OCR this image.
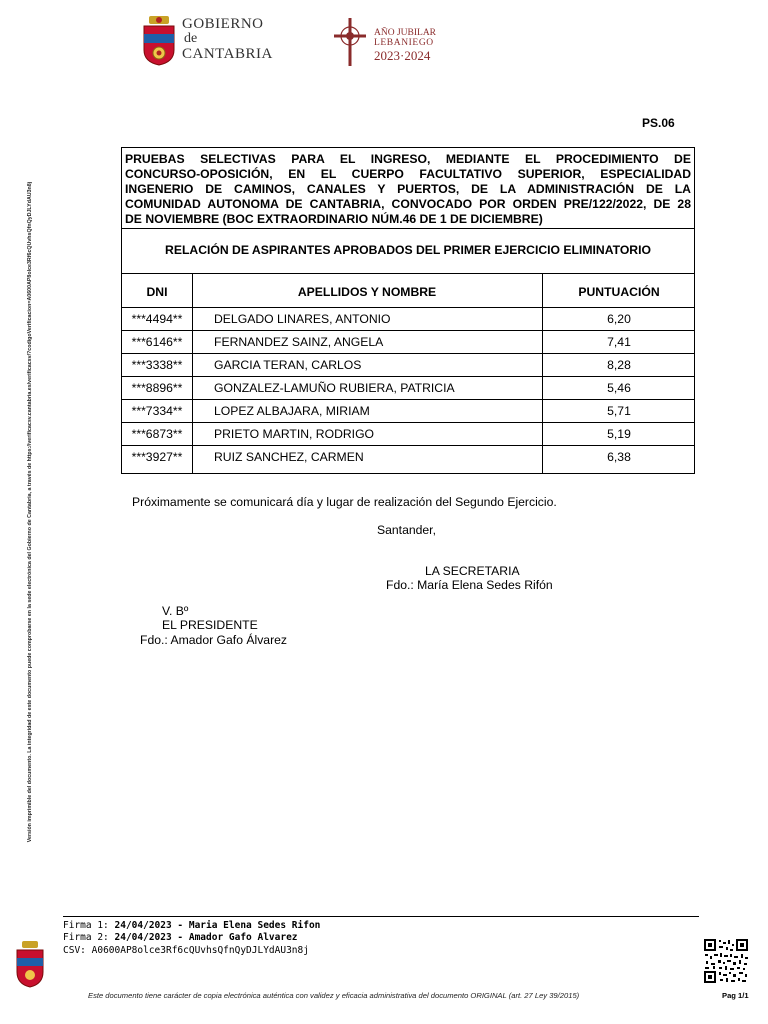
GOBIERNO
de
CANTABRIA
AÑO JUBILAR
LEBANIEGO
2023·2024
PS.06
PRUEBAS SELECTIVAS PARA EL INGRESO, MEDIANTE EL PROCEDIMIENTO DE
CONCURSO-OPOSICIÓN, EN EL CUERPO FACULTATIVO SUPERIOR, ESPECIALIDAD
INGENERIO DE CAMINOS, CANALES Y PUERTOS, DE LA ADMINISTRACIÓN DE LA
COMUNIDAD AUTONOMA DE CANTABRIA, CONVOCADO POR ORDEN PRE/122/2022, DE 28
DE NOVIEMBRE (BOC EXTRAORDINARIO NÚM.46 DE 1 DE DICIEMBRE)
RELACIÓN DE ASPIRANTES APROBADOS DEL PRIMER EJERCICIO ELIMINATORIO
DNI	APELLIDOS Y NOMBRE	PUNTUACIÓN
***4494**	DELGADO LINARES, ANTONIO	6,20
***6146**	FERNANDEZ SAINZ, ANGELA	7,41
***3338**	GARCIA TERAN, CARLOS	8,28
***8896**	GONZALEZ-LAMUÑO RUBIERA, PATRICIA	5,46
***7334**	LOPEZ ALBAJARA, MIRIAM	5,71
***6873**	PRIETO MARTIN, RODRIGO	5,19
***3927**	RUIZ SANCHEZ, CARMEN	6,38
Próximamente se comunicará día y lugar de realización del Segundo Ejercicio.
Santander,
LA SECRETARIA
Fdo.: María Elena Sedes Rifón
V. Bº
EL PRESIDENTE
Fdo.: Amador Gafo Álvarez
Versión imprimible del documento. La integridad de este documento puede comprobarse en la sede electrónica del Gobierno de Cantabria, a través de https://verificacsv.cantabria.es/verificacsv/?codigoVerificacion=A0600AP8olce3Rf6cQUvhsQfnQyDJLYdAU3n8j
Firma 1: 24/04/2023 - Maria Elena Sedes Rifon
Firma 2: 24/04/2023 - Amador Gafo Alvarez
CSV: A0600AP8olce3Rf6cQUvhsQfnQyDJLYdAU3n8j
Este documento tiene carácter de copia electrónica auténtica con validez y eficacia administrativa del documento ORIGINAL (art. 27 Ley 39/2015)	Pag 1/1
